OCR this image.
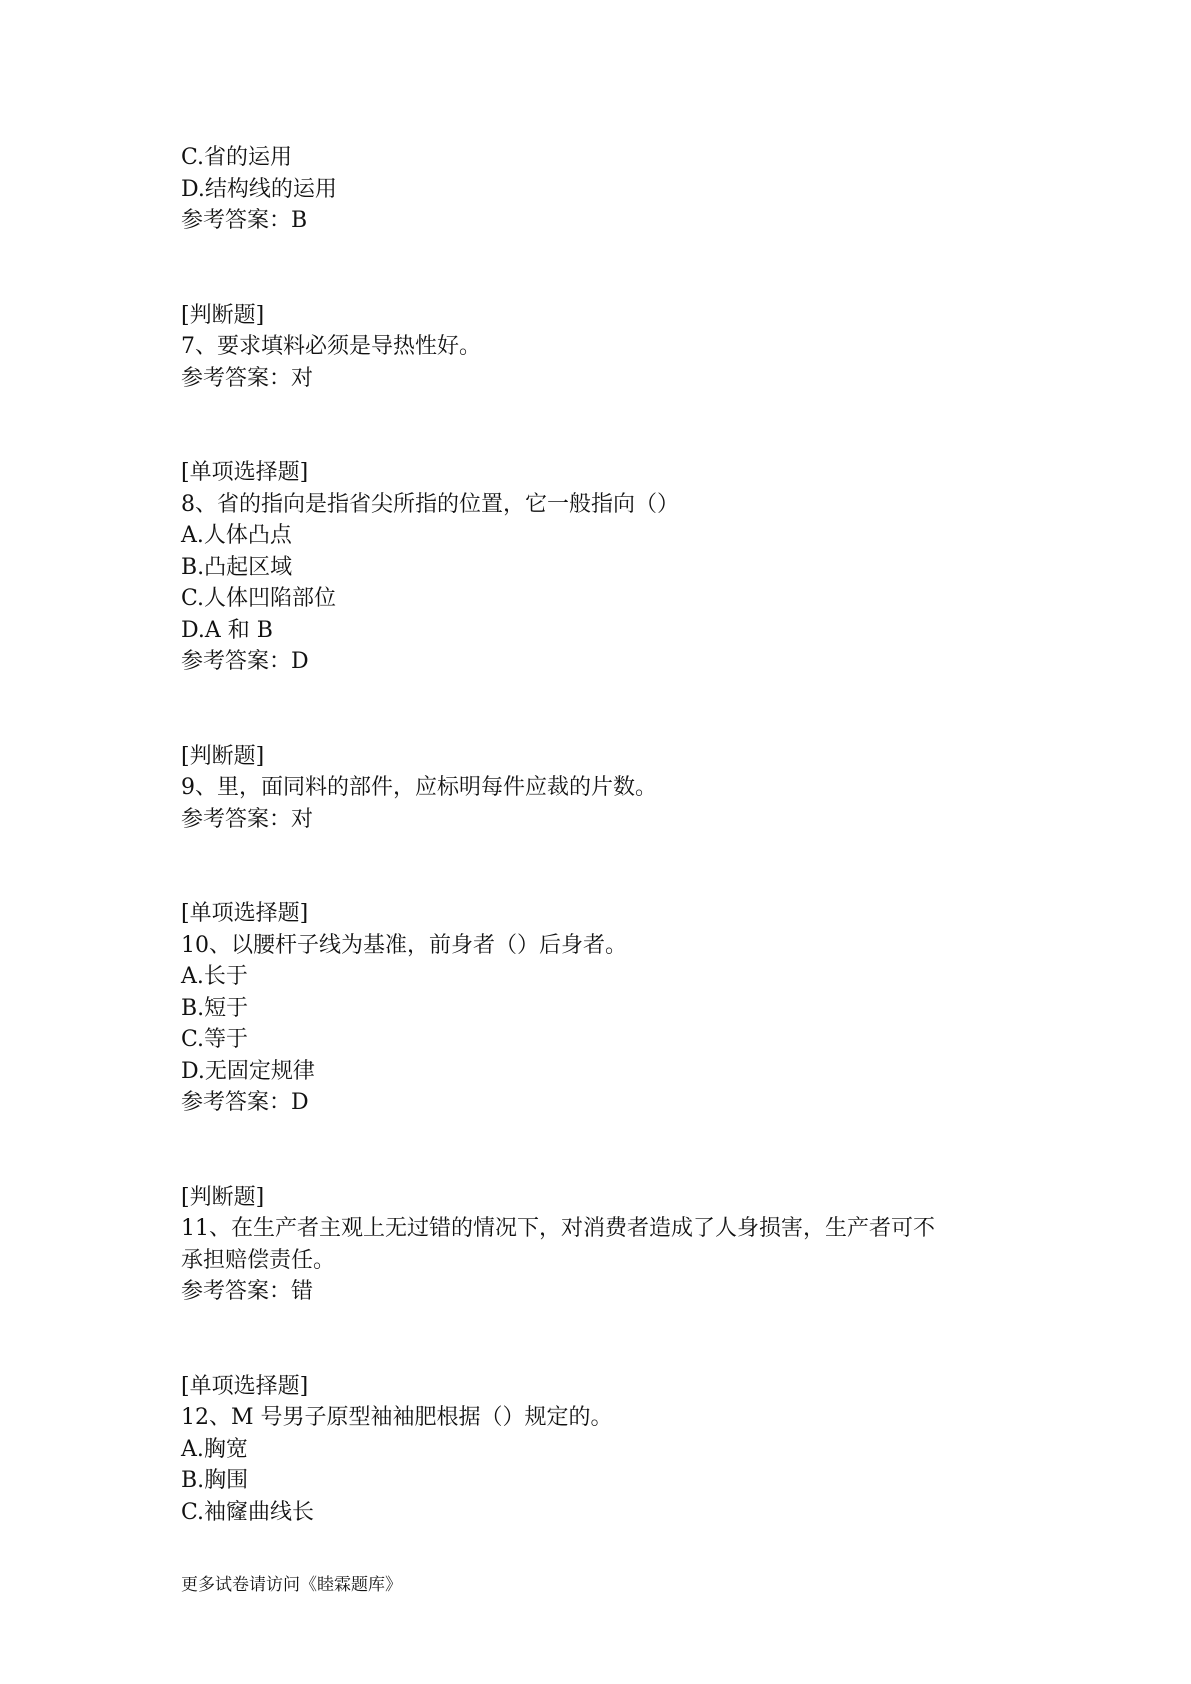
C.省的运用
D.结构线的运用
参考答案：B
[判断题]
7、要求填料必须是导热性好。
参考答案：对
[单项选择题]
8、省的指向是指省尖所指的位置，它一般指向（）
A.人体凸点
B.凸起区域
C.人体凹陷部位
D.A 和 B
参考答案：D
[判断题]
9、里，面同料的部件，应标明每件应裁的片数。
参考答案：对
[单项选择题]
10、以腰杆子线为基准，前身者（）后身者。
A.长于
B.短于
C.等于
D.无固定规律
参考答案：D
[判断题]
11、在生产者主观上无过错的情况下，对消费者造成了人身损害，生产者可不
承担赔偿责任。
参考答案：错
[单项选择题]
12、M 号男子原型袖袖肥根据（）规定的。
A.胸宽
B.胸围
C.袖窿曲线长
更多试卷请访问《睦霖题库》
